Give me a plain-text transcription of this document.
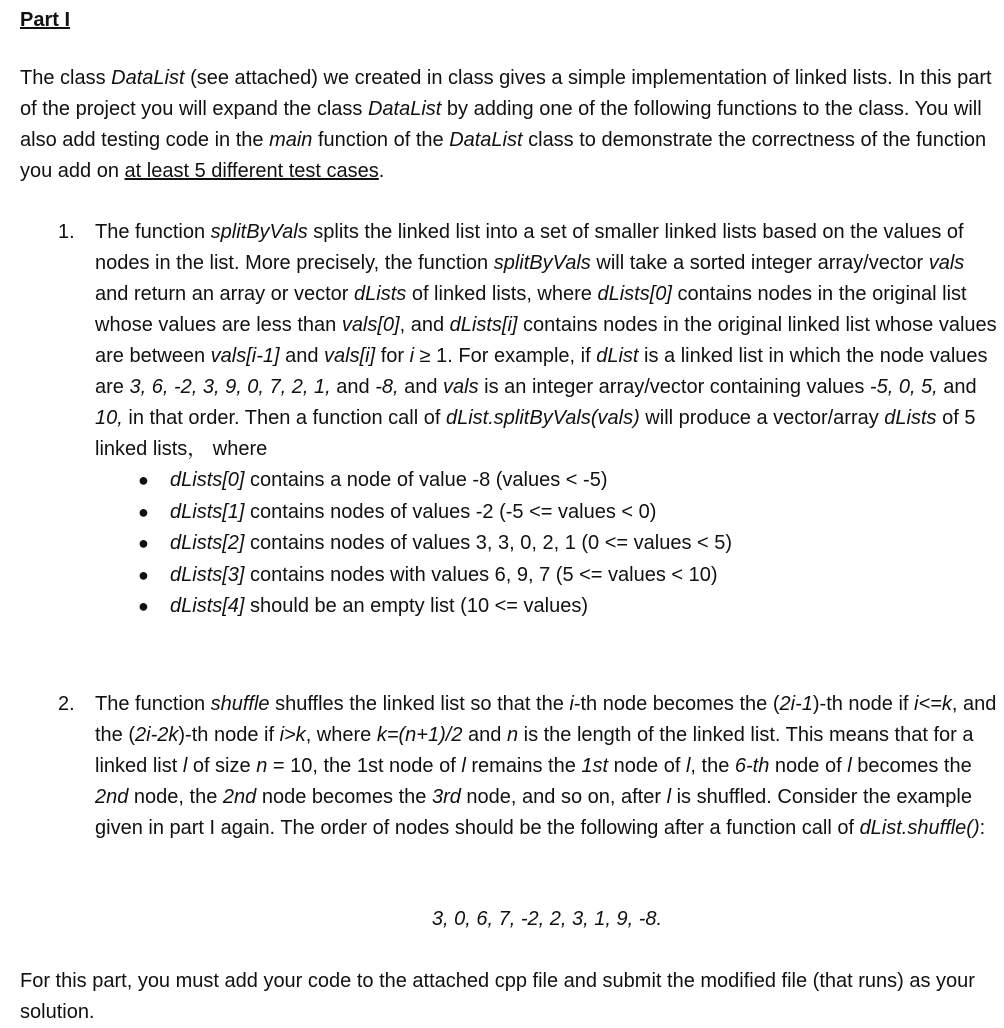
Part I
The class DataList (see attached) we created in class gives a simple implementation of linked lists. In this part of the project you will expand the class DataList by adding one of the following functions to the class. You will also add testing code in the main function of the DataList class to demonstrate the correctness of the function you add on at least 5 different test cases.
1.	The function splitByVals splits the linked list into a set of smaller linked lists based on the values of nodes in the list. More precisely, the function splitByVals will take a sorted integer array/vector vals and return an array or vector dLists of linked lists, where dLists[0] contains nodes in the original list whose values are less than vals[0], and dLists[i] contains nodes in the original linked list whose values are between vals[i-1] and vals[i] for i ≥ 1. For example, if dList is a linked list in which the node values are 3, 6, -2, 3, 9, 0, 7, 2, 1, and -8, and vals is an integer array/vector containing values -5, 0, 5, and 10, in that order. Then a function call of dList.splitByVals(vals) will produce a vector/array dLists of 5 linked lists， where
● dLists[0] contains a node of value -8 (values < -5)
● dLists[1] contains nodes of values -2 (-5 <= values < 0)
● dLists[2] contains nodes of values 3, 3, 0, 2, 1 (0 <= values < 5)
● dLists[3] contains nodes with values 6, 9, 7 (5 <= values < 10)
● dLists[4] should be an empty list (10 <= values)
2.	The function shuffle shuffles the linked list so that the i-th node becomes the (2i-1)-th node if i<=k, and the (2i-2k)-th node if i>k, where k=(n+1)/2 and n is the length of the linked list. This means that for a linked list l of size n = 10, the 1st node of l remains the 1st node of l, the 6-th node of l becomes the 2nd node, the 2nd node becomes the 3rd node, and so on, after l is shuffled. Consider the example given in part I again. The order of nodes should be the following after a function call of dList.shuffle():
3, 0, 6, 7, -2, 2, 3, 1, 9, -8.
For this part, you must add your code to the attached cpp file and submit the modified file (that runs) as your solution.
